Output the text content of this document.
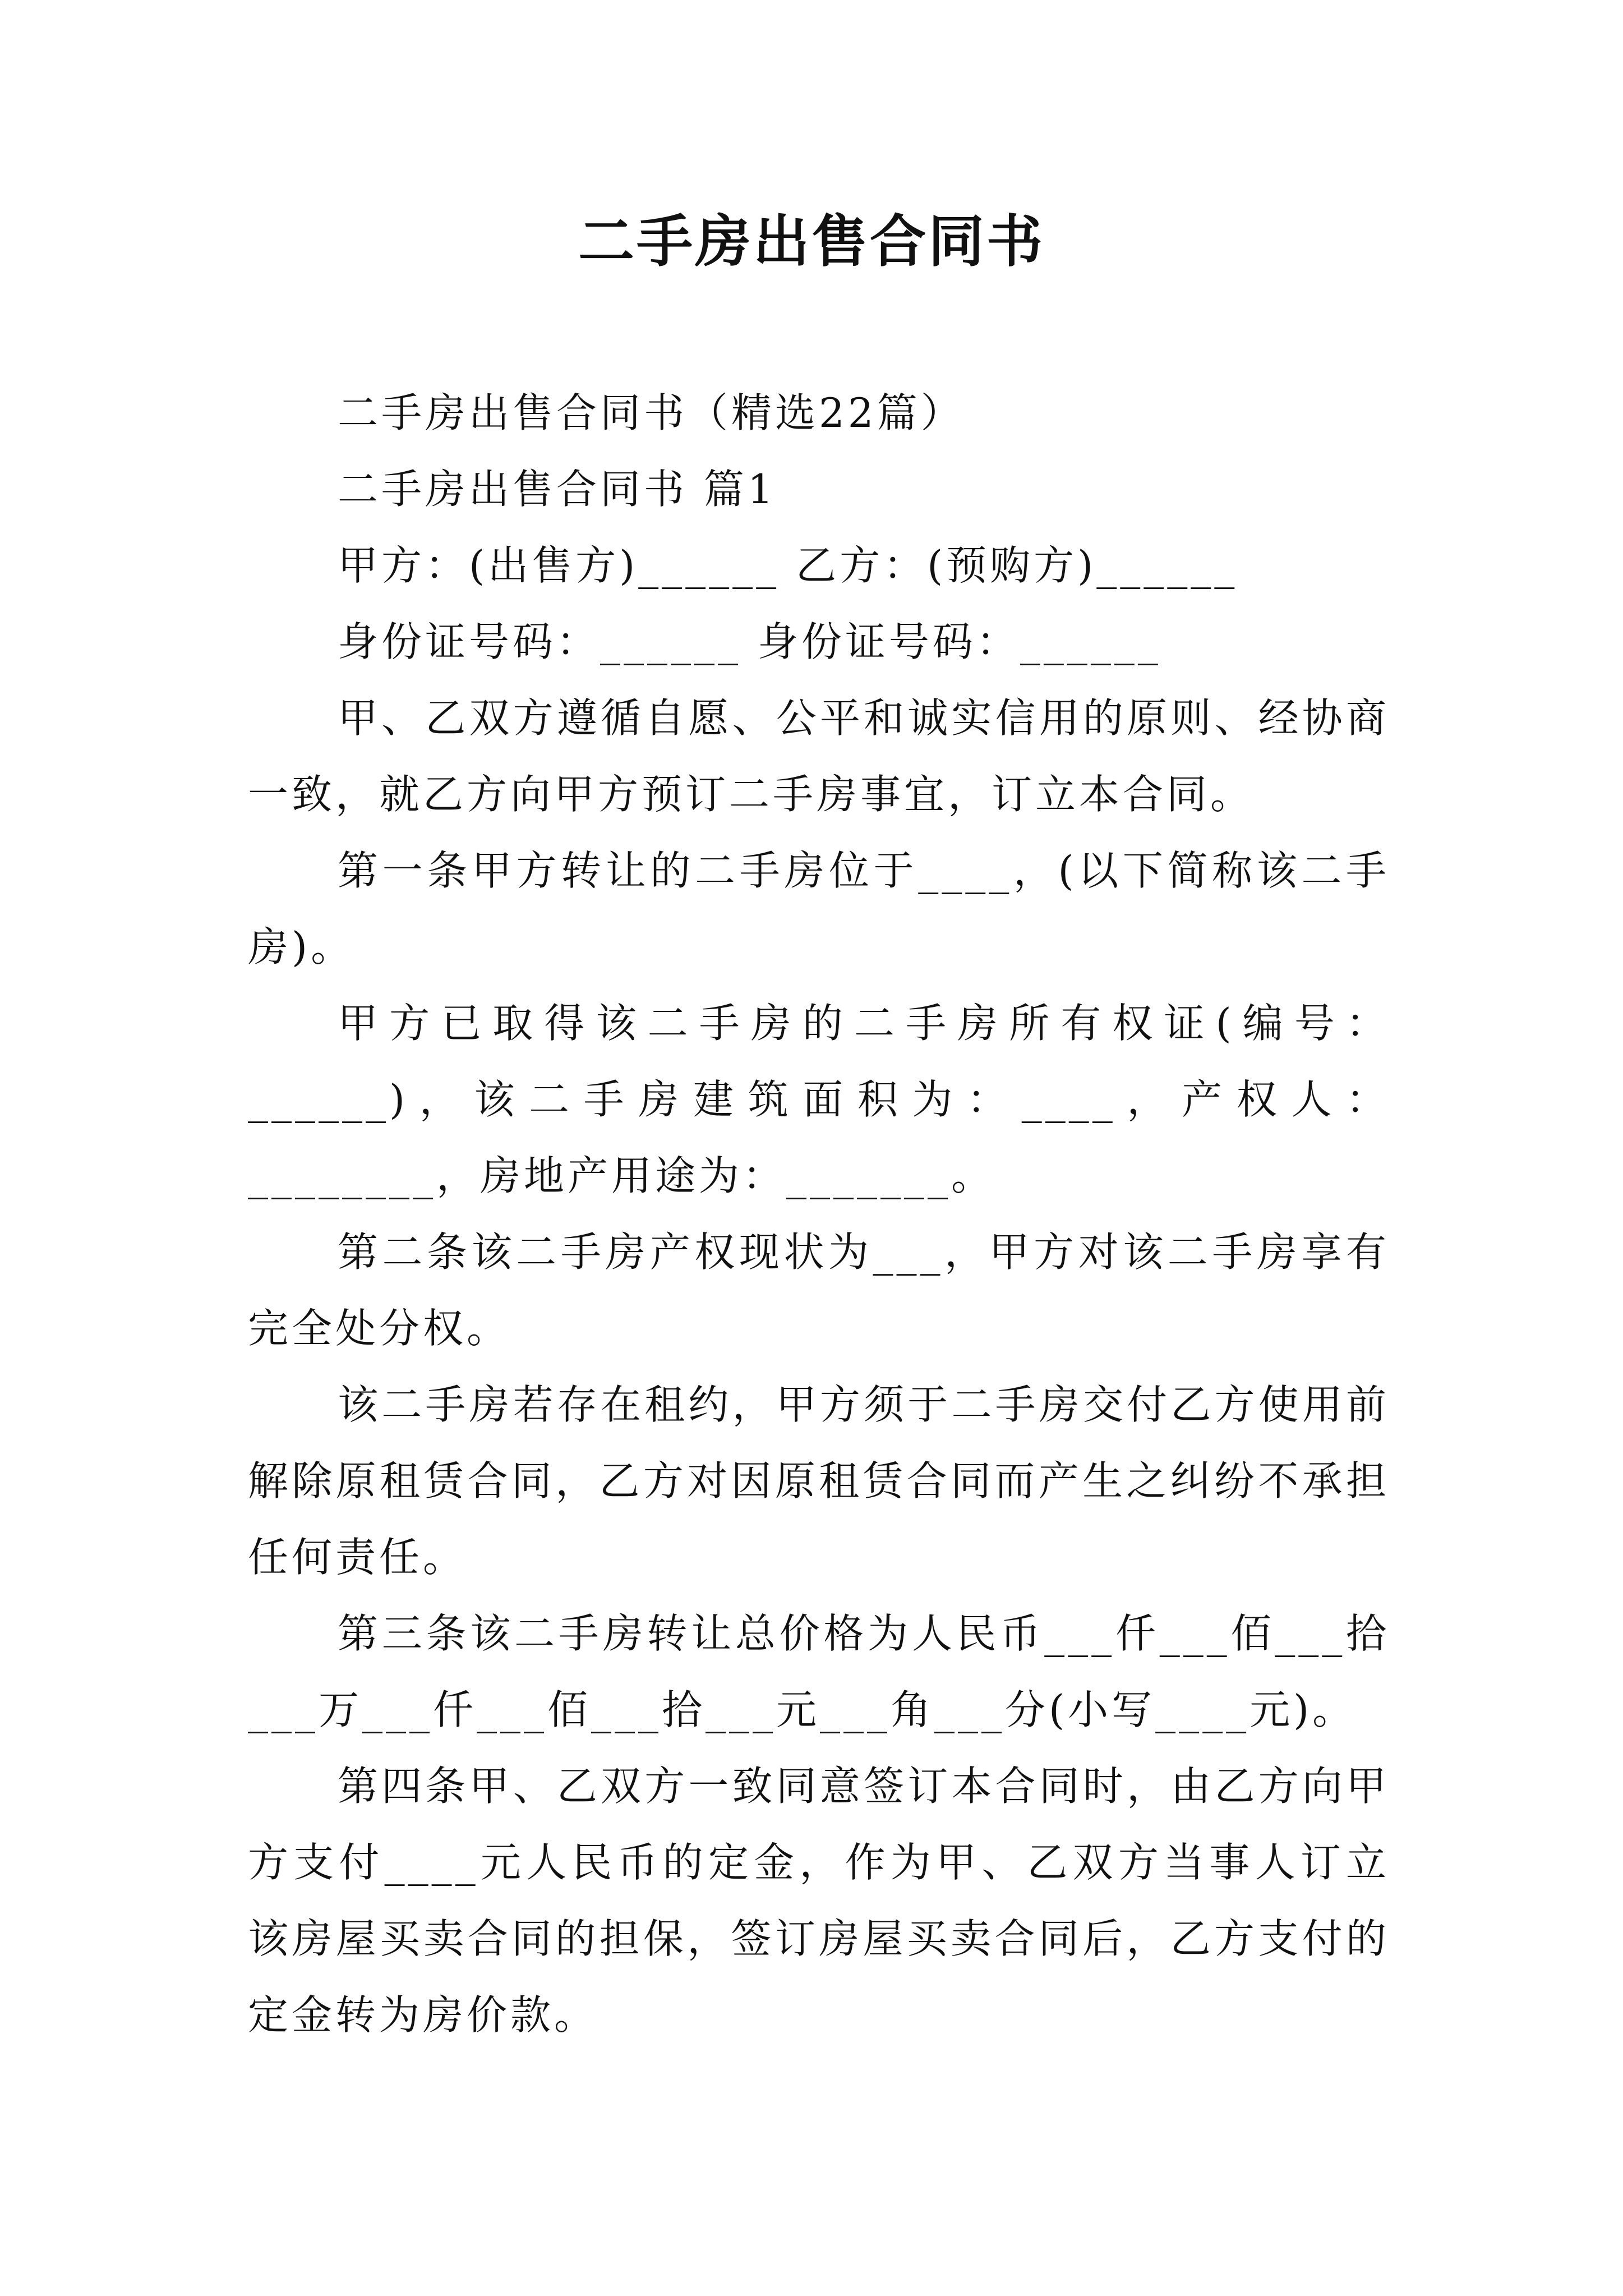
二手房出售合同书

二手房出售合同书（精选22篇）

二手房出售合同书 篇1

甲方：(出售方)______ 乙方：(预购方)______

身份证号码：______ 身份证号码：______

甲、乙双方遵循自愿、公平和诚实信用的原则、经协商一致，就乙方向甲方预订二手房事宜，订立本合同。

第一条甲方转让的二手房位于____，(以下简称该二手房)。

甲方已取得该二手房的二手房所有权证(编号：______)，该二手房建筑面积为：____，产权人：________，房地产用途为：_______。

第二条该二手房产权现状为___，甲方对该二手房享有完全处分权。

该二手房若存在租约，甲方须于二手房交付乙方使用前解除原租赁合同，乙方对因原租赁合同而产生之纠纷不承担任何责任。

第三条该二手房转让总价格为人民币___仟___佰___拾___万___仟___佰___拾___元___角___分(小写____元)。

第四条甲、乙双方一致同意签订本合同时，由乙方向甲方支付____元人民币的定金，作为甲、乙双方当事人订立该房屋买卖合同的担保，签订房屋买卖合同后，乙方支付的定金转为房价款。
